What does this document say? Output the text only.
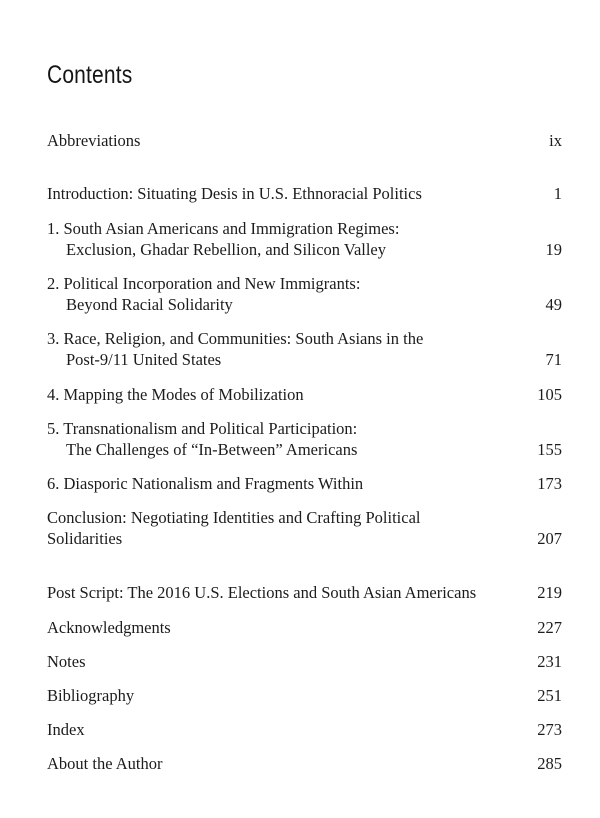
Contents
Abbreviations	ix
Introduction: Situating Desis in U.S. Ethnoracial Politics	1
1. South Asian Americans and Immigration Regimes:
Exclusion, Ghadar Rebellion, and Silicon Valley	19
2. Political Incorporation and New Immigrants:
Beyond Racial Solidarity	49
3. Race, Religion, and Communities: South Asians in the
Post-9/11 United States	71
4. Mapping the Modes of Mobilization	105
5. Transnationalism and Political Participation:
The Challenges of “In-Between” Americans	155
6. Diasporic Nationalism and Fragments Within	173
Conclusion: Negotiating Identities and Crafting Political
Solidarities	207
Post Script: The 2016 U.S. Elections and South Asian Americans	219
Acknowledgments	227
Notes	231
Bibliography	251
Index	273
About the Author	285
